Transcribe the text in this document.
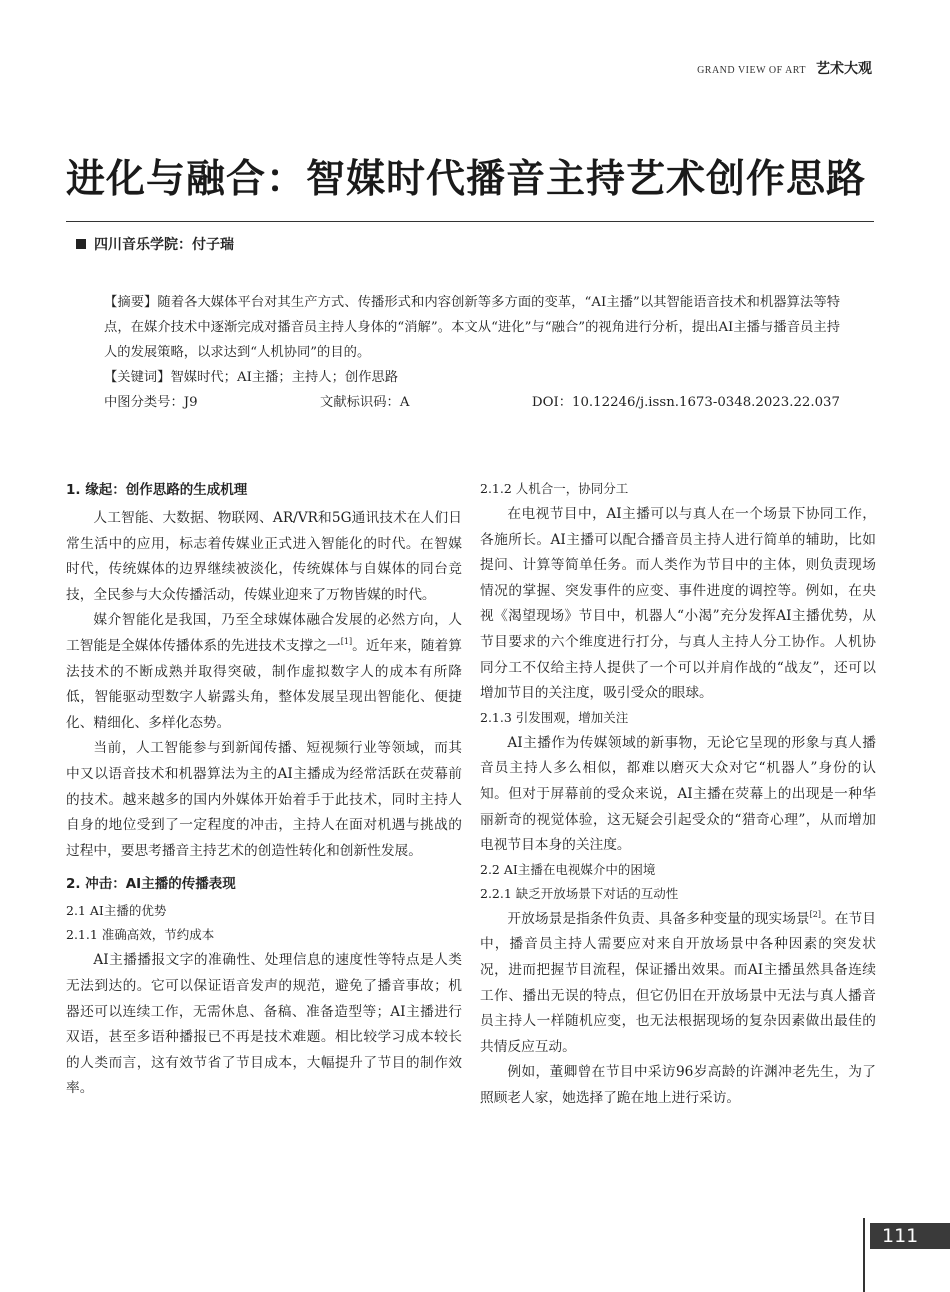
GRAND VIEW OF ART 艺术大观
进化与融合：智媒时代播音主持艺术创作思路
四川音乐学院：付子瑞

【摘要】随着各大媒体平台对其生产方式、传播形式和内容创新等多方面的变革，“AI主播”以其智能语音技术和机器算法等特点，在媒介技术中逐渐完成对播音员主持人身体的“消解”。本文从“进化”与“融合”的视角进行分析，提出AI主播与播音员主持人的发展策略，以求达到“人机协同”的目的。

【关键词】智媒时代；AI主播；主持人；创作思路

中图分类号：J9	文献标识码：A	DOI：10.12246/j.issn.1673-0348.2023.22.037
1. 缘起：创作思路的生成机理

人工智能、大数据、物联网、AR/VR和5G通讯技术在人们日常生活中的应用，标志着传媒业正式进入智能化的时代。在智媒时代，传统媒体的边界继续被淡化，传统媒体与自媒体的同台竞技，全民参与大众传播活动，传媒业迎来了万物皆媒的时代。

媒介智能化是我国，乃至全球媒体融合发展的必然方向，人工智能是全媒体传播体系的先进技术支撑之一[1]。近年来，随着算法技术的不断成熟并取得突破，制作虚拟数字人的成本有所降低，智能驱动型数字人崭露头角，整体发展呈现出智能化、便捷化、精细化、多样化态势。

当前，人工智能参与到新闻传播、短视频行业等领域，而其中又以语音技术和机器算法为主的AI主播成为经常活跃在荧幕前的技术。越来越多的国内外媒体开始着手于此技术，同时主持人自身的地位受到了一定程度的冲击，主持人在面对机遇与挑战的过程中，要思考播音主持艺术的创造性转化和创新性发展。

2. 冲击：AI主播的传播表现
2.1 AI主播的优势
2.1.1 准确高效，节约成本

AI主播播报文字的准确性、处理信息的速度性等特点是人类无法到达的。它可以保证语音发声的规范，避免了播音事故；机器还可以连续工作，无需休息、备稿、准备造型等；AI主播进行双语，甚至多语种播报已不再是技术难题。相比较学习成本较长的人类而言，这有效节省了节目成本，大幅提升了节目的制作效率。

2.1.2 人机合一，协同分工

在电视节目中，AI主播可以与真人在一个场景下协同工作，各施所长。AI主播可以配合播音员主持人进行简单的辅助，比如提问、计算等简单任务。而人类作为节目中的主体，则负责现场情况的掌握、突发事件的应变、事件进度的调控等。例如，在央视《渴望现场》节目中，机器人“小渴”充分发挥AI主播优势，从节目要求的六个维度进行打分，与真人主持人分工协作。人机协同分工不仅给主持人提供了一个可以并肩作战的“战友”，还可以增加节目的关注度，吸引受众的眼球。

2.1.3 引发围观，增加关注

AI主播作为传媒领域的新事物，无论它呈现的形象与真人播音员主持人多么相似，都难以磨灭大众对它“机器人”身份的认知。但对于屏幕前的受众来说，AI主播在荧幕上的出现是一种华丽新奇的视觉体验，这无疑会引起受众的“猎奇心理”，从而增加电视节目本身的关注度。

2.2 AI主播在电视媒介中的困境
2.2.1 缺乏开放场景下对话的互动性

开放场景是指条件负责、具备多种变量的现实场景[2]。在节目中，播音员主持人需要应对来自开放场景中各种因素的突发状况，进而把握节目流程，保证播出效果。而AI主播虽然具备连续工作、播出无误的特点，但它仍旧在开放场景中无法与真人播音员主持人一样随机应变，也无法根据现场的复杂因素做出最佳的共情反应互动。

例如，董卿曾在节目中采访96岁高龄的许渊冲老先生，为了照顾老人家，她选择了跪在地上进行采访。

111
